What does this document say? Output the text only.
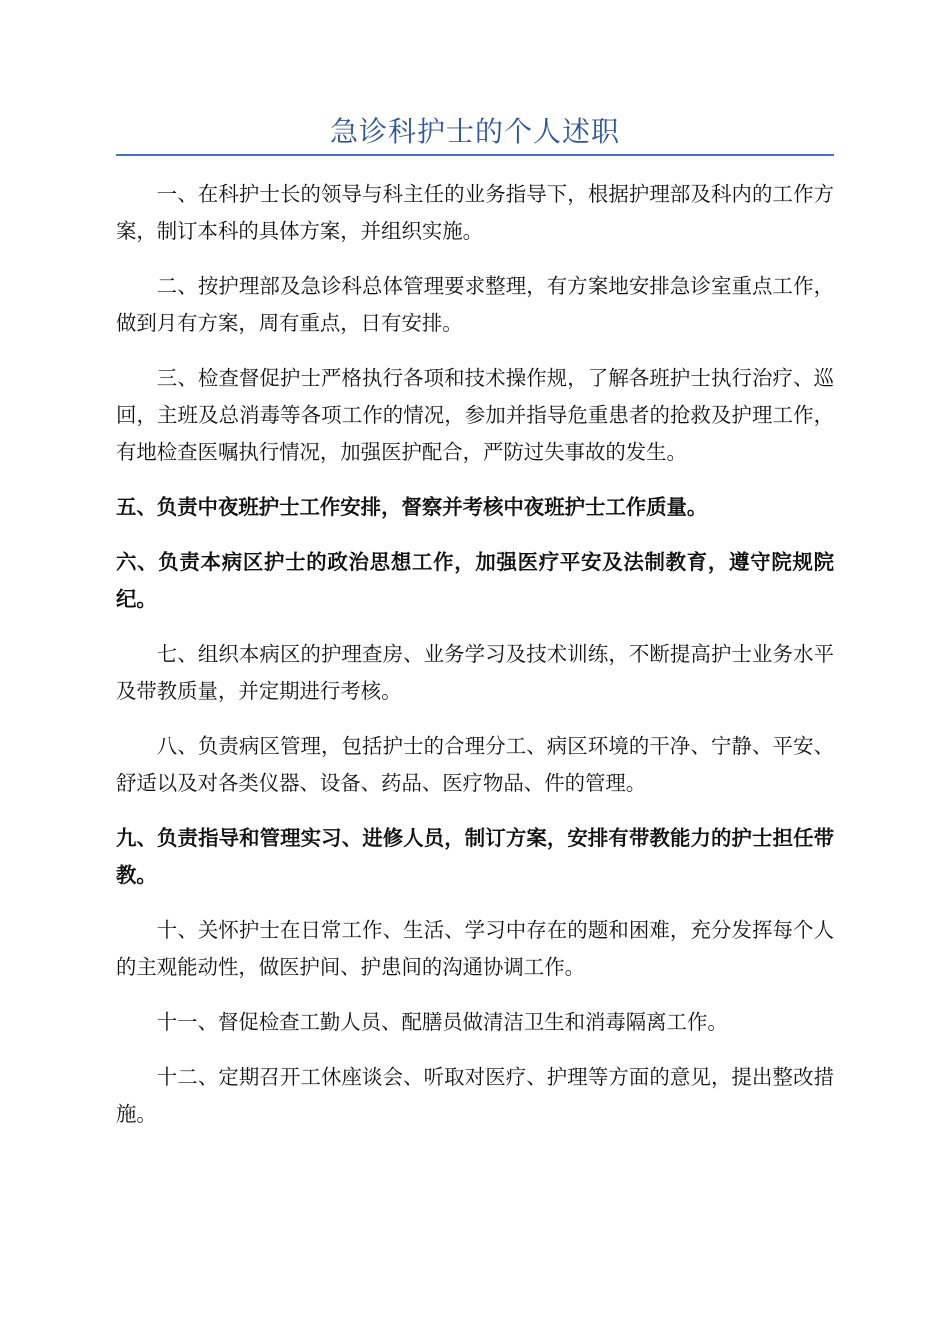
急诊科护士的个人述职

一、在科护士长的领导与科主任的业务指导下，根据护理部及科内的工作方案，制订本科的具体方案，并组织实施。

二、按护理部及急诊科总体管理要求整理，有方案地安排急诊室重点工作，做到月有方案，周有重点，日有安排。

三、检查督促护士严格执行各项和技术操作规，了解各班护士执行治疗、巡回，主班及总消毒等各项工作的情况，参加并指导危重患者的抢救及护理工作，有地检查医嘱执行情况，加强医护配合，严防过失事故的发生。

五、负责中夜班护士工作安排，督察并考核中夜班护士工作质量。

六、负责本病区护士的政治思想工作，加强医疗平安及法制教育，遵守院规院纪。

七、组织本病区的护理查房、业务学习及技术训练，不断提高护士业务水平及带教质量，并定期进行考核。

八、负责病区管理，包括护士的合理分工、病区环境的干净、宁静、平安、舒适以及对各类仪器、设备、药品、医疗物品、件的管理。

九、负责指导和管理实习、进修人员，制订方案，安排有带教能力的护士担任带教。

十、关怀护士在日常工作、生活、学习中存在的题和困难，充分发挥每个人的主观能动性，做医护间、护患间的沟通协调工作。

十一、督促检查工勤人员、配膳员做清洁卫生和消毒隔离工作。

十二、定期召开工休座谈会、听取对医疗、护理等方面的意见，提出整改措施。
